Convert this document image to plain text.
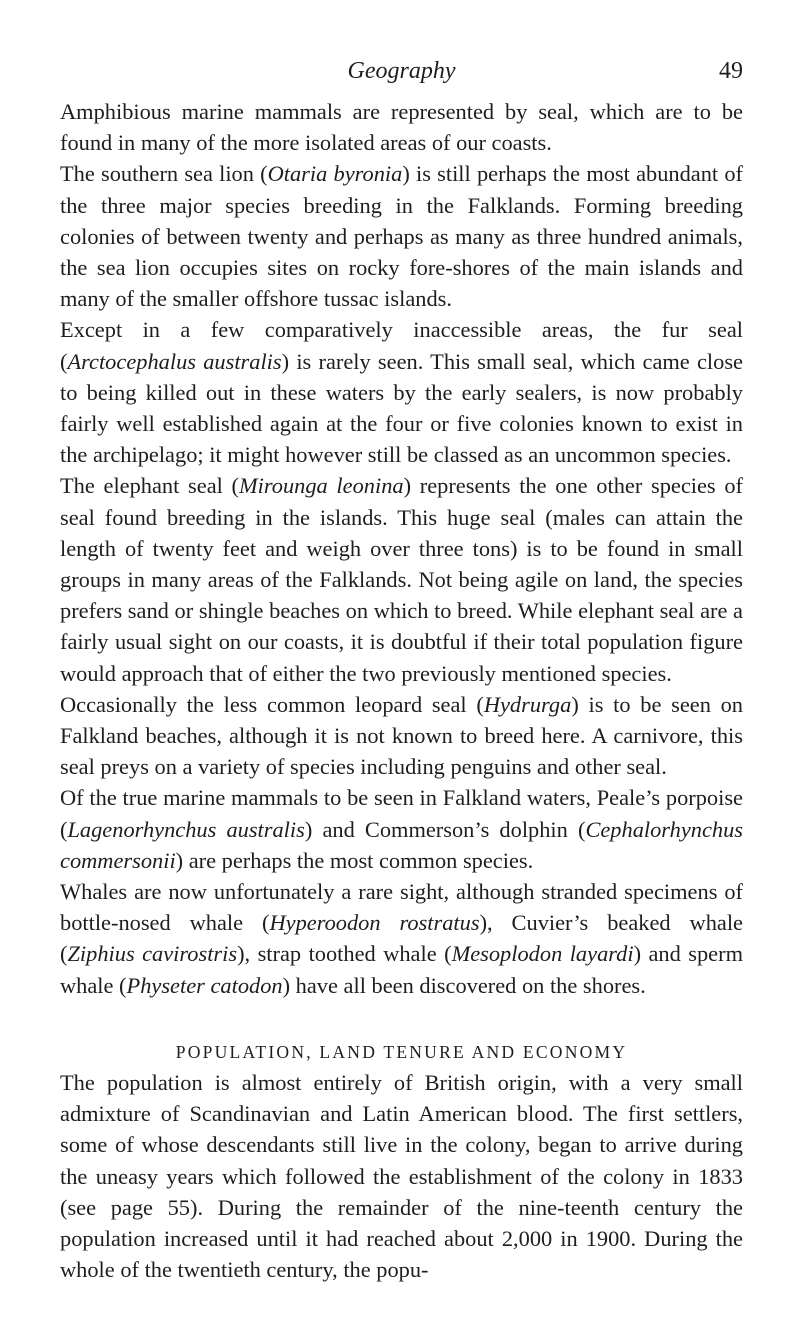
Geography	49

Amphibious marine mammals are represented by seal, which are to be found in many of the more isolated areas of our coasts.

The southern sea lion (Otaria byronia) is still perhaps the most abundant of the three major species breeding in the Falklands. Forming breeding colonies of between twenty and perhaps as many as three hundred animals, the sea lion occupies sites on rocky fore-shores of the main islands and many of the smaller offshore tussac islands.

Except in a few comparatively inaccessible areas, the fur seal (Arctocephalus australis) is rarely seen. This small seal, which came close to being killed out in these waters by the early sealers, is now probably fairly well established again at the four or five colonies known to exist in the archipelago; it might however still be classed as an uncommon species.

The elephant seal (Mirounga leonina) represents the one other species of seal found breeding in the islands. This huge seal (males can attain the length of twenty feet and weigh over three tons) is to be found in small groups in many areas of the Falklands. Not being agile on land, the species prefers sand or shingle beaches on which to breed. While elephant seal are a fairly usual sight on our coasts, it is doubtful if their total population figure would approach that of either the two previously mentioned species.

Occasionally the less common leopard seal (Hydrurga) is to be seen on Falkland beaches, although it is not known to breed here. A carnivore, this seal preys on a variety of species including penguins and other seal.

Of the true marine mammals to be seen in Falkland waters, Peale’s porpoise (Lagenorhynchus australis) and Commerson’s dolphin (Cephalorhynchus commersonii) are perhaps the most common species.

Whales are now unfortunately a rare sight, although stranded specimens of bottle-nosed whale (Hyperoodon rostratus), Cuvier’s beaked whale (Ziphius cavirostris), strap toothed whale (Mesoplodon layardi) and sperm whale (Physeter catodon) have all been discovered on the shores.

POPULATION, LAND TENURE AND ECONOMY

The population is almost entirely of British origin, with a very small admixture of Scandinavian and Latin American blood. The first settlers, some of whose descendants still live in the colony, began to arrive during the uneasy years which followed the establishment of the colony in 1833 (see page 55). During the remainder of the nine-teenth century the population increased until it had reached about 2,000 in 1900. During the whole of the twentieth century, the popu-
